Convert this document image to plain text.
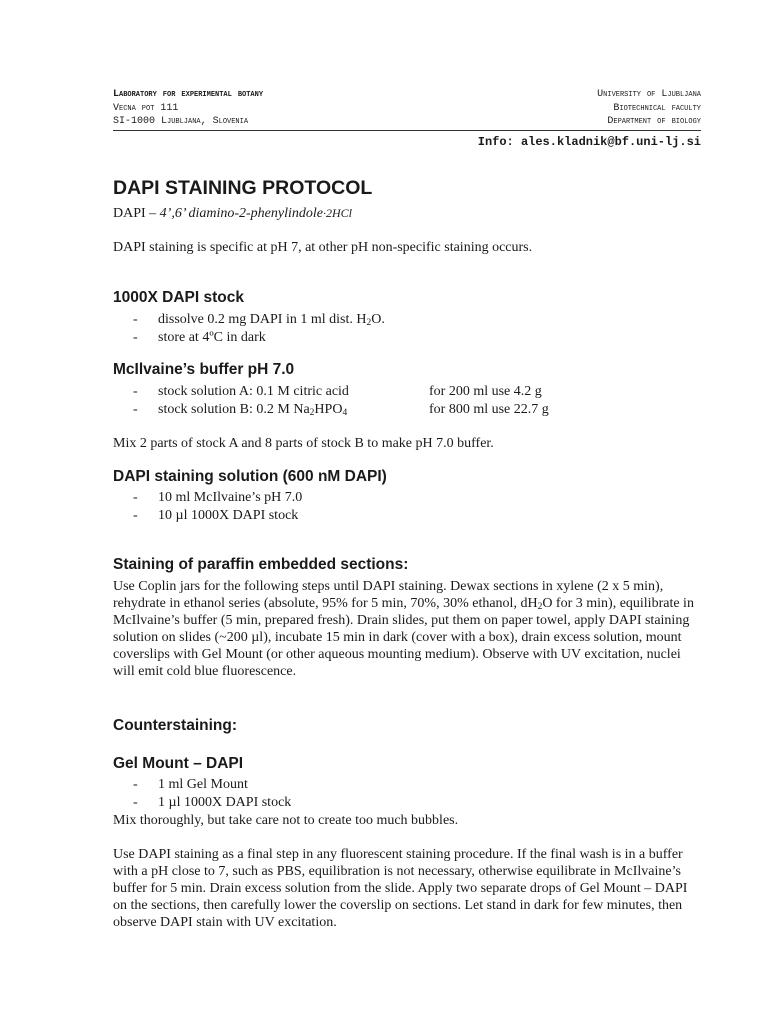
Laboratory for experimental botany
Vecna pot 111
SI-1000 Ljubljana, Slovenia
University of Ljubljana
Biotechnical faculty
Department of biology
Info: ales.kladnik@bf.uni-lj.si
DAPI STAINING PROTOCOL
DAPI – 4’,6’ diamino-2-phenylindole·2HCl

DAPI staining is specific at pH 7, at other pH non-specific staining occurs.

1000X DAPI stock
- dissolve 0.2 mg DAPI in 1 ml dist. $H_2O$.
- store at 4ºC in dark
McIlvaine’s buffer pH 7.0
- stock solution A: 0.1 M citric acid	for 200 ml use 4.2 g
- stock solution B: 0.2 M $Na_2HPO_4$	for 800 ml use 22.7 g

Mix 2 parts of stock A and 8 parts of stock B to make pH 7.0 buffer.

DAPI staining solution (600 nM DAPI)
- 10 ml McIlvaine’s pH 7.0
- 10 µl 1000X DAPI stock
Staining of paraffin embedded sections:

Use Coplin jars for the following steps until DAPI staining. Dewax sections in xylene (2 x 5 min), rehydrate in ethanol series (absolute, 95% for 5 min, 70%, 30% ethanol, $dH_2O$ for 3 min), equilibrate in McIlvaine’s buffer (5 min, prepared fresh). Drain slides, put them on paper towel, apply DAPI staining solution on slides (~200 µl), incubate 15 min in dark (cover with a box), drain excess solution, mount coverslips with Gel Mount (or other aqueous mounting medium). Observe with UV excitation, nuclei will emit cold blue fluorescence.

Counterstaining:
Gel Mount – DAPI
- 1 ml Gel Mount
- 1 µl 1000X DAPI stock

Mix thoroughly, but take care not to create too much bubbles.

Use DAPI staining as a final step in any fluorescent staining procedure. If the final wash is in a buffer with a pH close to 7, such as PBS, equilibration is not necessary, otherwise equilibrate in McIlvaine’s buffer for 5 min. Drain excess solution from the slide. Apply two separate drops of Gel Mount – DAPI on the sections, then carefully lower the coverslip on sections. Let stand in dark for few minutes, then observe DAPI stain with UV excitation.
